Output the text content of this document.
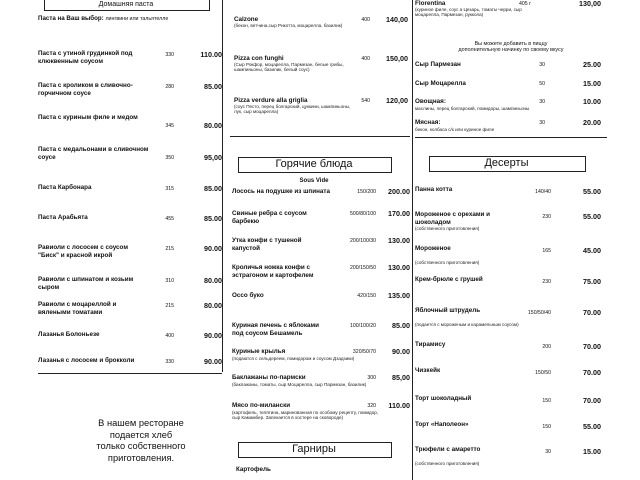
Домашняя паста
Паста на Ваш выбор: лингвини или тальятелле
Паста с утиной грудинкой под клюквенным соусом
330	110.00
Паста с кроликом в сливочно-горчичном соусе
280	85.00
Паста с куриным филе и медом
345	80.00
Паста с медальонами в сливочном соусе	350	95,00
Паста Карбонара	315	85.00
Паста Арабьята	455	85.00
Равиоли с лососем с соусом "Биск" и красной икрой
215	90.00
Равиоли с шпинатом и козьим сыром
310	80.00
Равиоли с моцареллой и вялеными томатами
215	80.00
Лазанья Болоньезе	400	90.00
Лазанья с лососем и брокколи	330	90.00
В нашем ресторане
подается хлеб
только собственного
приготовления.
Calzone
(бекон, ветчина,сыр Рикотта, моцарелла, базилик)
400	140,00
Pizza con funghi
(Сыр Рокфор, моцарелла, Пармезан, белые грибы, шампиньоны, базилик, белый соус)
400	150,00
Pizza verdure alla griglia
(соус Песто, перец болгарский, цуккини, шампиньоны, лук, сыр моцарелла)
540	120,00
Лосось на подушке из шпината	150/200	200.00
Свиные ребра с соусом барбекю
500/80/100	170.00
Утка конфи с тушеной капустой
200/100/30	130.00
Кроличья ножка конфи с эстрагоном и картофелем
200/150/50	130.00
Оссо буко	420/150	135.00
Куриная печень с яблоками под соусом Бешамель
100/100/20	85.00
Куриные крылья
(подаются с сельдереем, помидором и соусом Дзадзики)
320/50/70	90.00
Баклажаны по-пармски
(баклажаны, томаты, сыр Моцарелла, сыр Пармезан, базилик)
300	85,00
Мясо по-милански
(картофель, телятина, маринованная по особому рецепту, помидор, сыр Камамбер. Запекается в хостере на сковороде)
320	110.00
Горячие блюда
Sous Vide
Гарниры
Картофель
Florentina
(куриное филе, соус а Цезарь, томаты черри, сыр моцарелла, Пармезан, руккола)
405 г	130,00
Сыр Пармезан	30	25.00
Сыр Моцарелла	50	15.00
Овощная:
маслины, перец болгарский, помидоры, шампиньоны
30	10.00
Мясная:
бекон, колбаса с/к или куриное филе
30	20.00
Панна котта	140/40	55.00
Мороженое с орехами и шоколадом
(собственного приготовления)
230	55.00
Мороженое
(собственного приготовления)
165	45.00
Крем-брюле с грушей	230	75.00
Яблочный штрудель
(подается с мороженым и карамельным соусом)
150/50/40	70.00
Тирамису	200	70.00
Чизкейк	150/50	70.00
Торт шоколадный	150	70.00
Торт «Наполеон»	150	55.00
Трюфели с амаретто
(собственного приготовления)
30	15.00
Вы можете добавить в пиццу
дополнительную начинку по своему вкусу
Десерты
